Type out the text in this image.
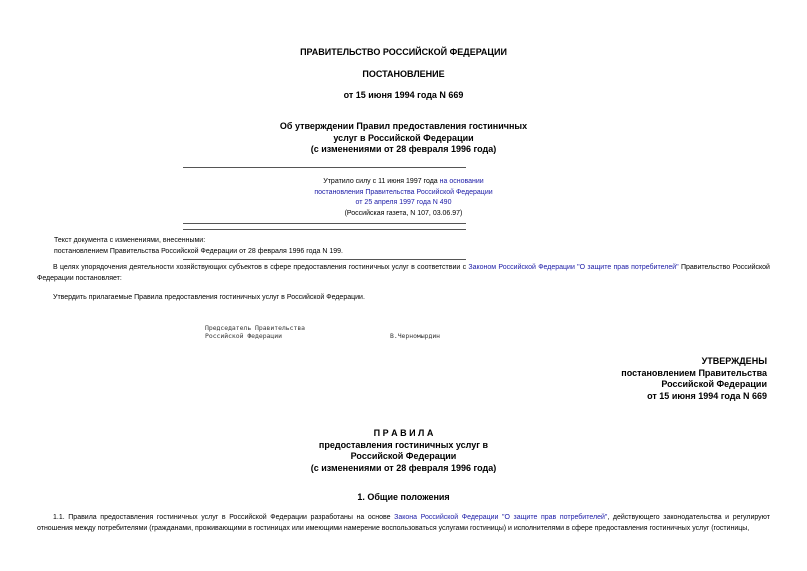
ПРАВИТЕЛЬСТВО РОССИЙСКОЙ ФЕДЕРАЦИИ
ПОСТАНОВЛЕНИЕ
от 15 июня 1994 года N 669
Об утверждении Правил предоставления гостиничных
услуг в Российской Федерации
(с изменениями от 28 февраля 1996 года)
Утратило силу с 11 июня 1997 года на основании
постановления Правительства Российской Федерации
от 25 апреля 1997 года N 490
(Российская газета, N 107, 03.06.97)
Текст документа с изменениями, внесенными:
постановлением Правительства Российской Федерации от 28 февраля 1996 года N 199.
В целях упорядочения деятельности хозяйствующих субъектов в сфере предоставления гостиничных услуг в соответствии с Законом Российской Федерации "О защите прав потребителей" Правительство Российской Федерации постановляет:
Утвердить прилагаемые Правила предоставления гостиничных услуг в Российской Федерации.
Председатель Правительства
Российской Федерации	В.Черномырдин
УТВЕРЖДЕНЫ
постановлением Правительства
Российской Федерации
от 15 июня 1994 года N 669
П Р А В И Л А
предоставления гостиничных услуг в
Российской Федерации
(с изменениями от 28 февраля 1996 года)
1. Общие положения
1.1. Правила предоставления гостиничных услуг в Российской Федерации разработаны на основе Закона Российской Федерации "О защите прав потребителей", действующего законодательства и регулируют отношения между потребителями (гражданами, проживающими в гостиницах или имеющими намерение воспользоваться услугами гостиницы) и исполнителями в сфере предоставления гостиничных услуг (гостиницы,
